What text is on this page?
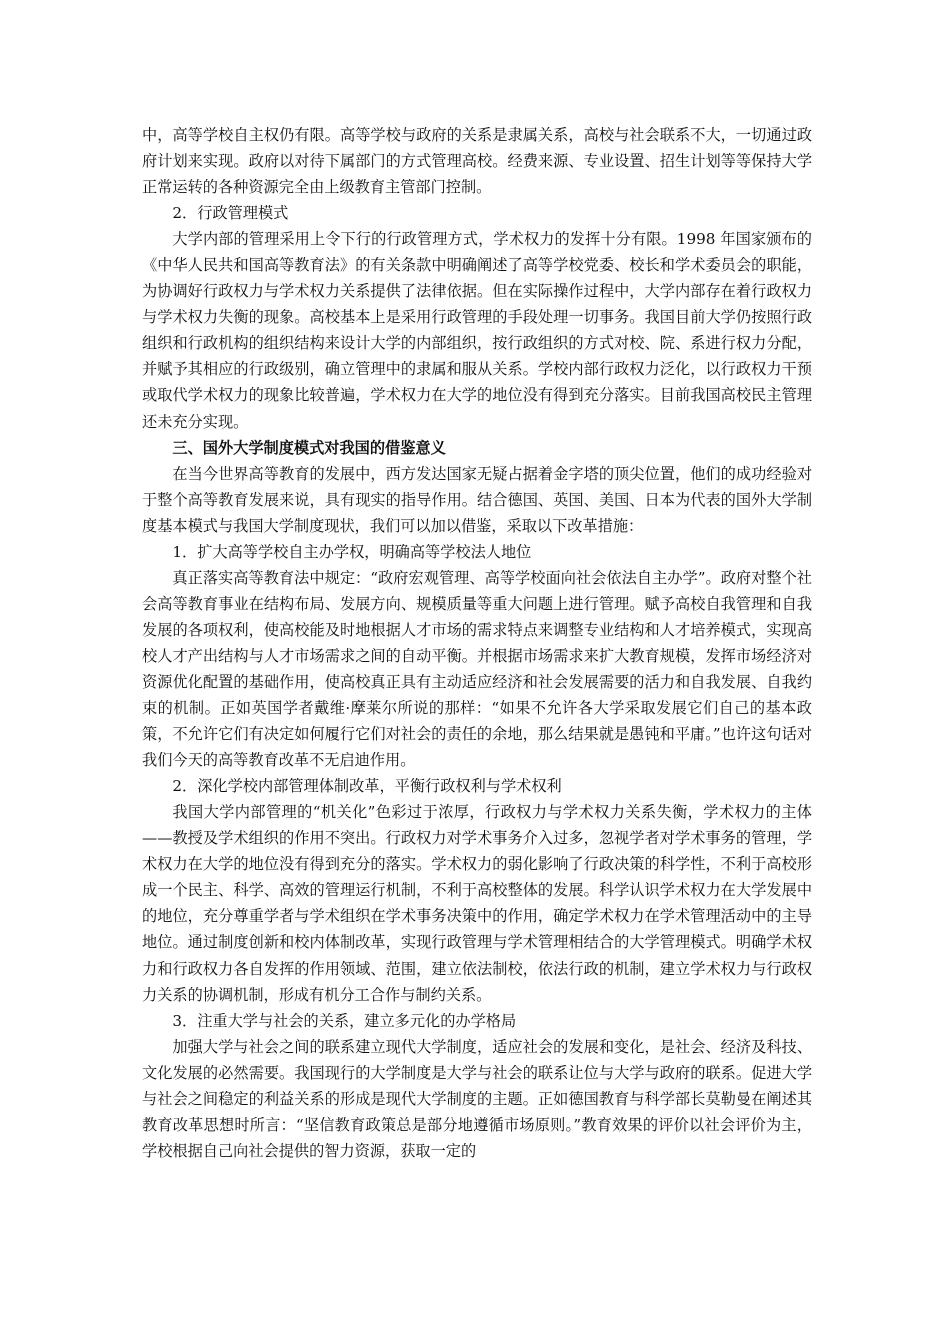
中，高等学校自主权仍有限。高等学校与政府的关系是隶属关系，高校与社会联系不大，一切通过政府计划来实现。政府以对待下属部门的方式管理高校。经费来源、专业设置、招生计划等等保持大学正常运转的各种资源完全由上级教育主管部门控制。

2．行政管理模式

大学内部的管理采用上令下行的行政管理方式，学术权力的发挥十分有限。1998 年国家颁布的《中华人民共和国高等教育法》的有关条款中明确阐述了高等学校党委、校长和学术委员会的职能，为协调好行政权力与学术权力关系提供了法律依据。但在实际操作过程中，大学内部存在着行政权力与学术权力失衡的现象。高校基本上是采用行政管理的手段处理一切事务。我国目前大学仍按照行政组织和行政机构的组织结构来设计大学的内部组织，按行政组织的方式对校、院、系进行权力分配，并赋予其相应的行政级别，确立管理中的隶属和服从关系。学校内部行政权力泛化，以行政权力干预或取代学术权力的现象比较普遍，学术权力在大学的地位没有得到充分落实。目前我国高校民主管理还未充分实现。

三、国外大学制度模式对我国的借鉴意义

在当今世界高等教育的发展中，西方发达国家无疑占据着金字塔的顶尖位置，他们的成功经验对于整个高等教育发展来说，具有现实的指导作用。结合德国、英国、美国、日本为代表的国外大学制度基本模式与我国大学制度现状，我们可以加以借鉴，采取以下改革措施：

1．扩大高等学校自主办学权，明确高等学校法人地位

真正落实高等教育法中规定：“政府宏观管理、高等学校面向社会依法自主办学”。政府对整个社会高等教育事业在结构布局、发展方向、规模质量等重大问题上进行管理。赋予高校自我管理和自我发展的各项权利，使高校能及时地根据人才市场的需求特点来调整专业结构和人才培养模式，实现高校人才产出结构与人才市场需求之间的自动平衡。并根据市场需求来扩大教育规模，发挥市场经济对资源优化配置的基础作用，使高校真正具有主动适应经济和社会发展需要的活力和自我发展、自我约束的机制。正如英国学者戴维·摩莱尔所说的那样：“如果不允许各大学采取发展它们自己的基本政策，不允许它们有决定如何履行它们对社会的责任的余地，那么结果就是愚钝和平庸。”也许这句话对我们今天的高等教育改革不无启迪作用。

2．深化学校内部管理体制改革，平衡行政权利与学术权利

我国大学内部管理的“机关化”色彩过于浓厚，行政权力与学术权力关系失衡，学术权力的主体——教授及学术组织的作用不突出。行政权力对学术事务介入过多，忽视学者对学术事务的管理，学术权力在大学的地位没有得到充分的落实。学术权力的弱化影响了行政决策的科学性，不利于高校形成一个民主、科学、高效的管理运行机制，不利于高校整体的发展。科学认识学术权力在大学发展中的地位，充分尊重学者与学术组织在学术事务决策中的作用，确定学术权力在学术管理活动中的主导地位。通过制度创新和校内体制改革，实现行政管理与学术管理相结合的大学管理模式。明确学术权力和行政权力各自发挥的作用领域、范围，建立依法制校，依法行政的机制，建立学术权力与行政权力关系的协调机制，形成有机分工合作与制约关系。

3．注重大学与社会的关系，建立多元化的办学格局

加强大学与社会之间的联系建立现代大学制度，适应社会的发展和变化，是社会、经济及科技、文化发展的必然需要。我国现行的大学制度是大学与社会的联系让位与大学与政府的联系。促进大学与社会之间稳定的利益关系的形成是现代大学制度的主题。正如德国教育与科学部长莫勒曼在阐述其教育改革思想时所言：“坚信教育政策总是部分地遵循市场原则。”教育效果的评价以社会评价为主，学校根据自己向社会提供的智力资源，获取一定的
